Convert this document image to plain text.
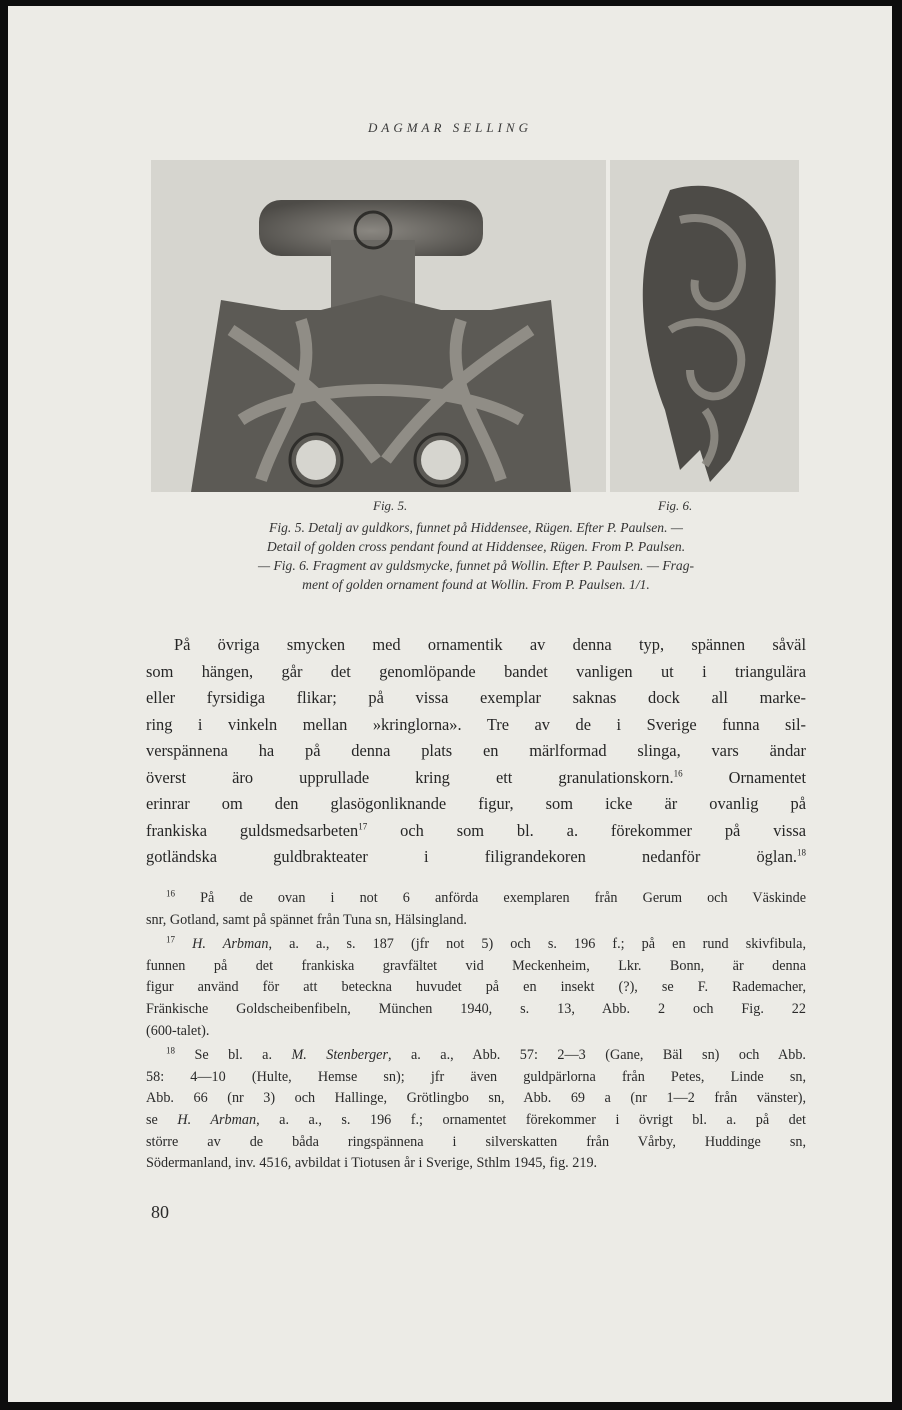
DAGMAR SELLING
Fig. 5.	Fig. 6.
Fig. 5. Detalj av guldkors, funnet på Hiddensee, Rügen. Efter P. Paulsen. —
Detail of golden cross pendant found at Hiddensee, Rügen. From P. Paulsen.
— Fig. 6. Fragment av guldsmycke, funnet på Wollin. Efter P. Paulsen. — Frag-
ment of golden ornament found at Wollin. From P. Paulsen. 1/1.
På övriga smycken med ornamentik av denna typ, spännen såväl
som hängen, går det genomlöpande bandet vanligen ut i triangulära
eller fyrsidiga flikar; på vissa exemplar saknas dock all marke-
ring i vinkeln mellan »kringlorna». Tre av de i Sverige funna sil-
verspännena ha på denna plats en märlformad slinga, vars ändar
överst äro upprullade kring ett granulationskorn.$^{16}$ Ornamentet
erinrar om den glasögonliknande figur, som icke är ovanlig på
frankiska guldsmedsarbeten$^{17}$ och som bl. a. förekommer på vissa
gotländska guldbrakteater i filigrandekoren nedanför öglan.$^{18}$
$^{16}$ På de ovan i not 6 anförda exemplaren från Gerum och Väskinde
snr, Gotland, samt på spännet från Tuna sn, Hälsingland.
$^{17}$ H. Arbman, a. a., s. 187 (jfr not 5) och s. 196 f.; på en rund skivfibula,
funnen på det frankiska gravfältet vid Meckenheim, Lkr. Bonn, är denna
figur använd för att beteckna huvudet på en insekt (?), se F. Rademacher,
Fränkische Goldscheibenfibeln, München 1940, s. 13, Abb. 2 och Fig. 22
(600-talet).
$^{18}$ Se bl. a. M. Stenberger, a. a., Abb. 57: 2—3 (Gane, Bäl sn) och Abb.
58: 4—10 (Hulte, Hemse sn); jfr även guldpärlorna från Petes, Linde sn,
Abb. 66 (nr 3) och Hallinge, Grötlingbo sn, Abb. 69 a (nr 1—2 från vänster),
se H. Arbman, a. a., s. 196 f.; ornamentet förekommer i övrigt bl. a. på det
större av de båda ringspännena i silverskatten från Vårby, Huddinge sn,
Södermanland, inv. 4516, avbildat i Tiotusen år i Sverige, Sthlm 1945, fig. 219.
80
